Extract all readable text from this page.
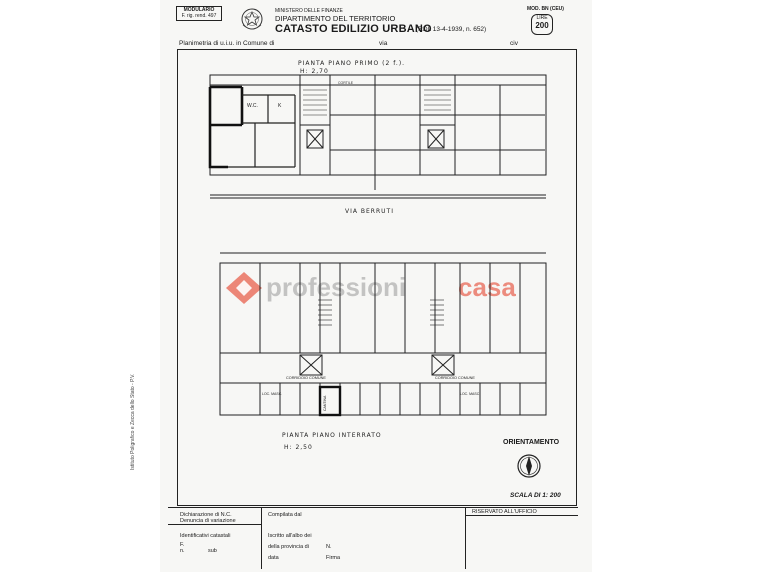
MODULARIO
F. rig. rend. 497
MINISTERO DELLE FINANZE
DIPARTIMENTO DEL TERRITORIO
CATASTO EDILIZIO URBANO
(RDL 13-4-1939, n. 652)
MOD. BN (CEU)
LIRE
200
Planimetria di u.i.u. in Comune di	via	civ
Istituto Poligrafico e Zecca dello Stato - P.V.
PIANTA PIANO PRIMO (2 f.).
H: 2,70
CORTILE
W.C.	K
VIA BERRUTI
professioni casa
CORRIDOIO COMUNE	CORRIDOIO COMUNE
CANTINA
LOC. MASC.	LOC. MASC.
PIANTA PIANO INTERRATO
H: 2,50
ORIENTAMENTO
SCALA DI 1: 200
Dichiarazione di N.C.
Denuncia di variazione
Identificativi catastali
F.
n.	sub
Compilata dal
Iscritto all'albo dei
della provincia di	N.
data	Firma
RISERVATO ALL'UFFICIO
